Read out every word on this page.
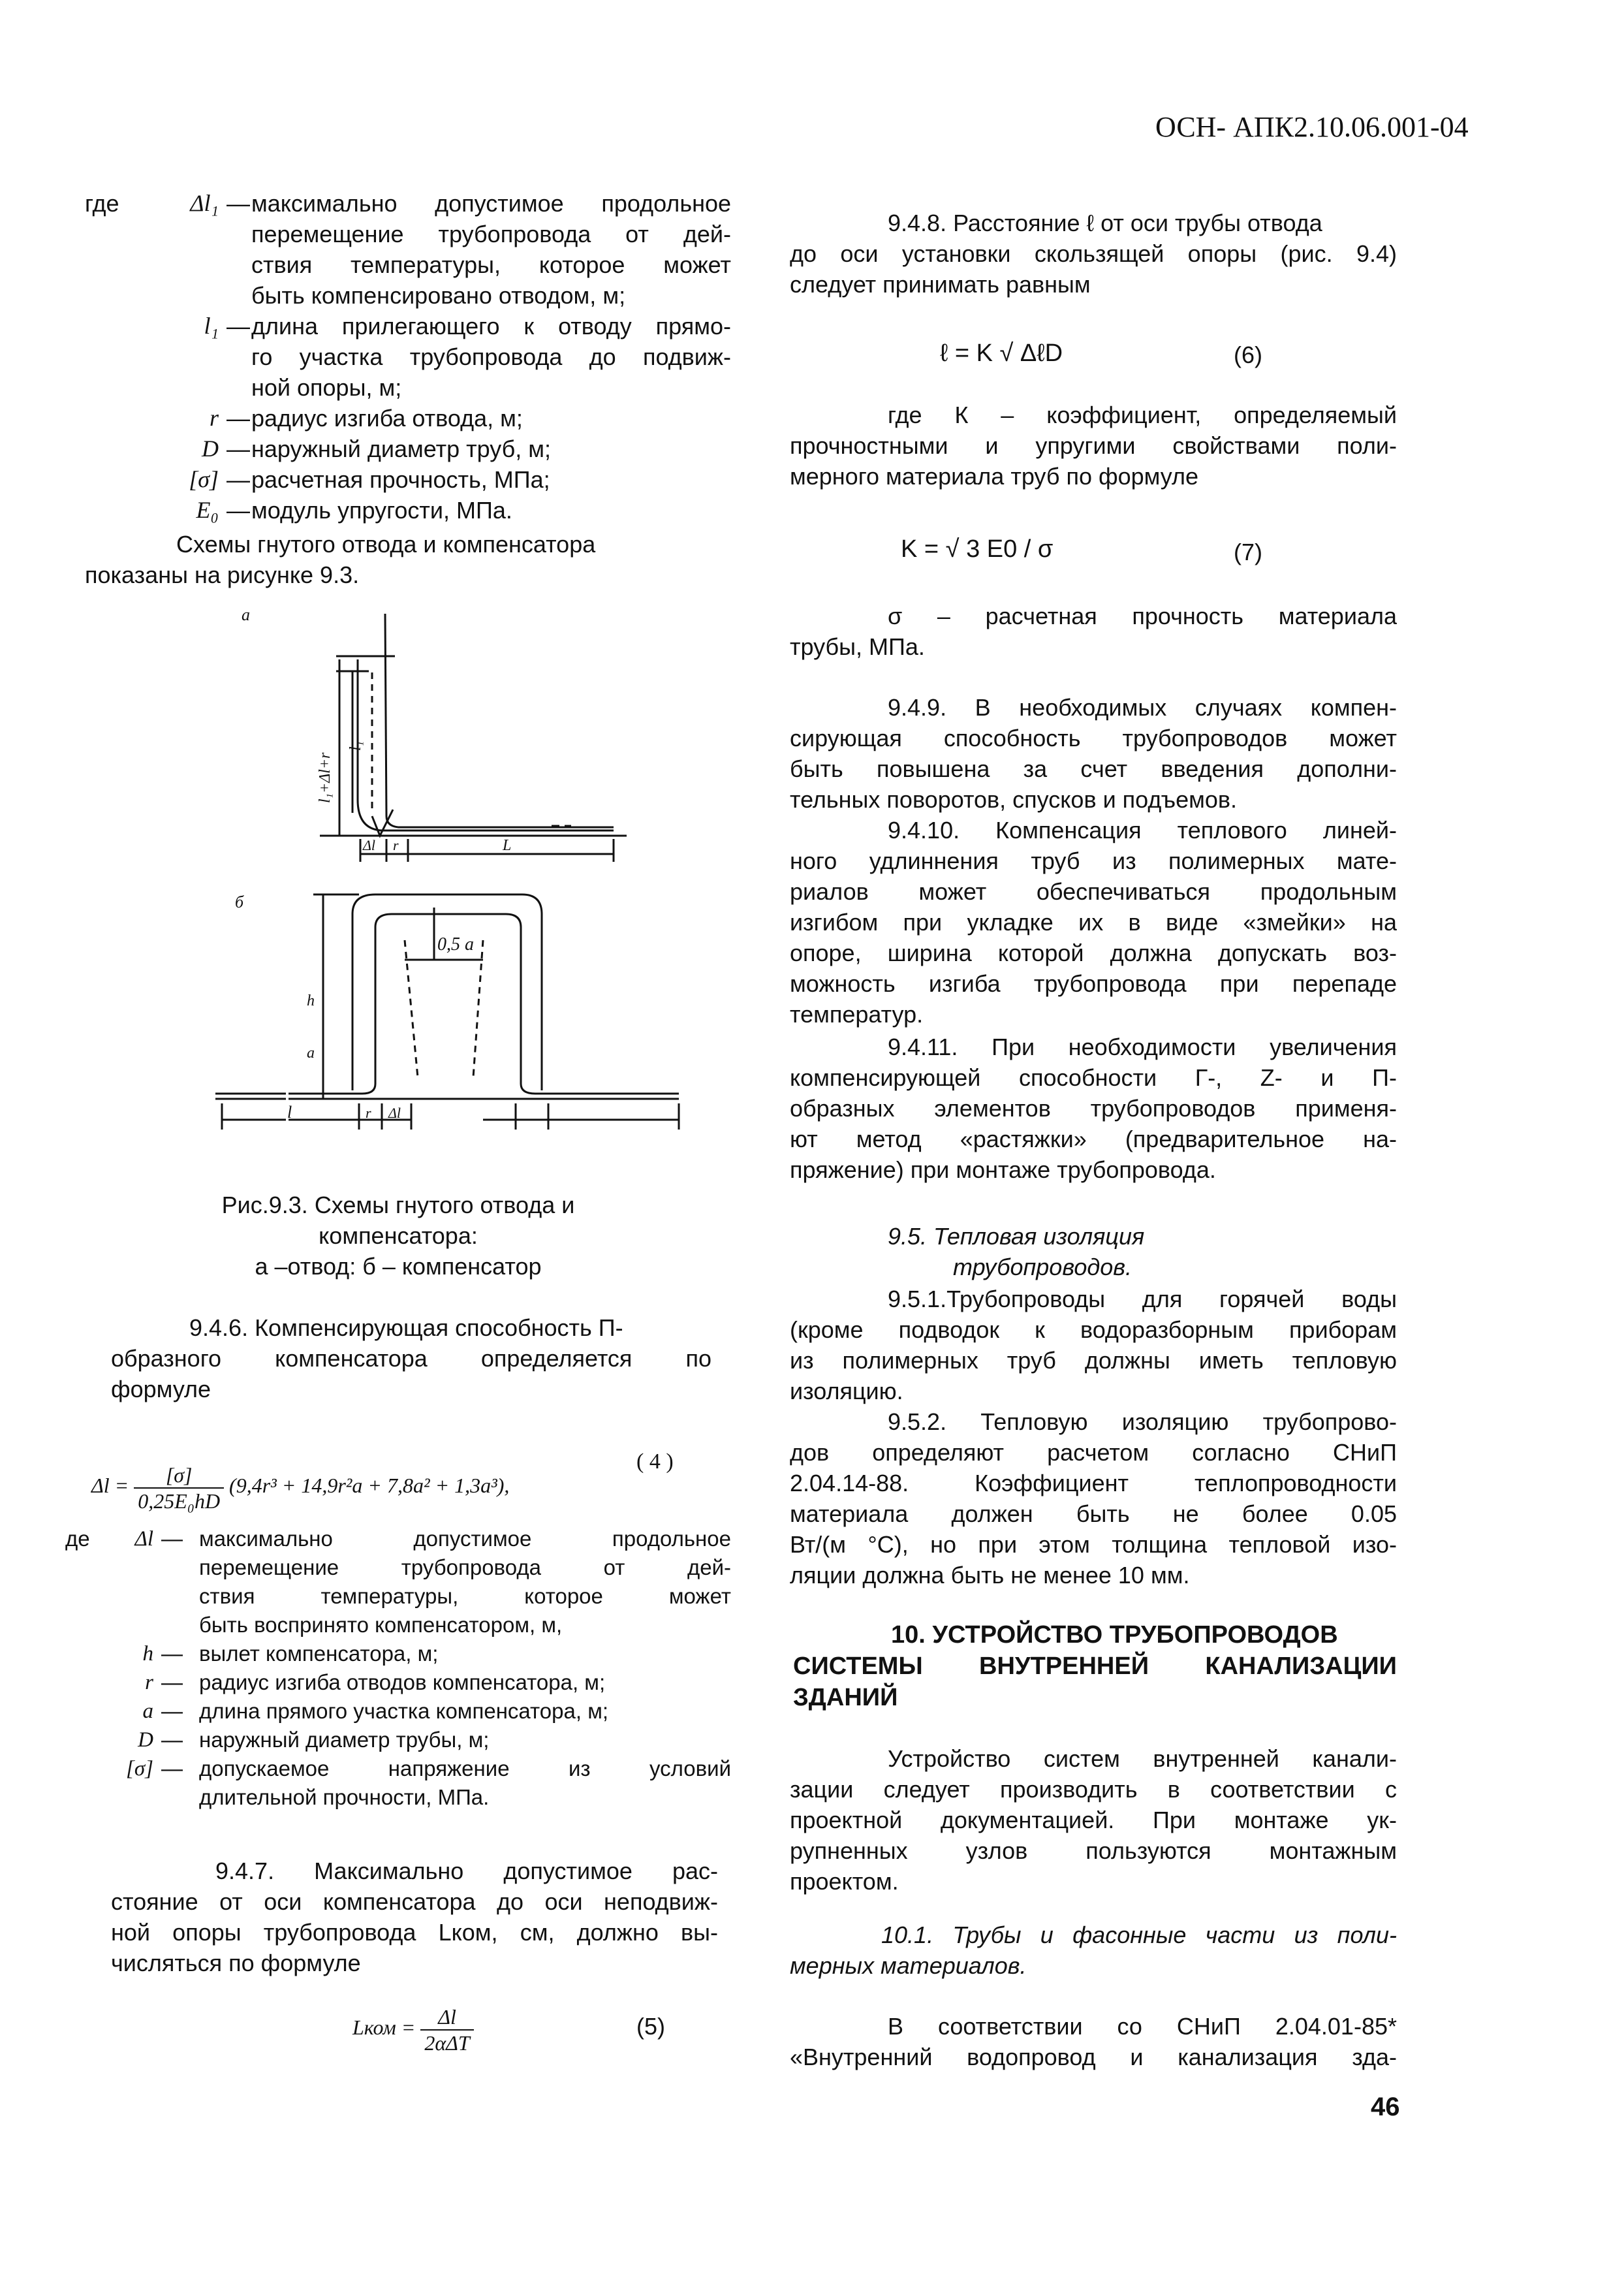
ОСН- АПК2.10.06.001-04
где	Δl₁ — максимально допустимое продольное
перемещение трубопровода от дей-
ствия температуры, которое может
быть компенсировано отводом, м;
l₁ — длина прилегающего к отводу прямо-
го участка трубопровода до подвиж-
ной опоры, м;
r — радиус изгиба отвода, м;
D — наружный диаметр труб, м;
[σ] — расчетная прочность, МПа;
E₀ — модуль упругости, МПа.
Схемы гнутого отвода и компенсатора
показаны на рисунке 9.3.
а
б
l₁+Δl+r
l₁
Δl r	L
0,5 a
h
a
l	r Δl
Рис.9.3. Схемы гнутого отвода и
компенсатора:
а –отвод: б – компенсатор
9.4.6. Компенсирующая способность П-
образного компенсатора определяется по
формуле
$\Delta l = \frac{[\sigma]}{\text{0,25E₀hD}} (9,4r^3 + 14,9r^2a + 7,8a^2 + 1,3a^3)$,
( 4 )
де	Δl — максимально допустимое продольное
перемещение трубопровода от дей-
ствия температуры, которое может
быть воспринято компенсатором, м,
h — вылет компенсатора, м;
r — радиус изгиба отводов компенсатора, м;
a — длина прямого участка компенсатора, м;
D — наружный диаметр трубы, м;
[σ] — допускаемое напряжение из условий
длительной прочности, МПа.
9.4.7. Максимально допустимое рас-
стояние от оси компенсатора до оси неподвиж-
ной опоры трубопровода Lком, см, должно вы-
числяться по формуле
Lком = $\frac{\Delta l}{\text{2αΔT}}$	(5)
9.4.8. Расстояние ℓ от оси трубы отвода
до оси установки скользящей опоры (рис. 9.4)
следует принимать равным
ℓ = K √ ΔℓD	(6)
где К – коэффициент, определяемый
прочностными и упругими свойствами поли-
мерного материала труб по формуле
K = √ 3 E0 / σ	(7)
σ – расчетная прочность материала
трубы, МПа.
9.4.9. В необходимых случаях компен-
сирующая способность трубопроводов может
быть повышена за счет введения дополни-
тельных поворотов, спусков и подъемов.
9.4.10. Компенсация теплового линей-
ного удлиннения труб из полимерных мате-
риалов может обеспечиваться продольным
изгибом при укладке их в виде «змейки» на
опоре, ширина которой должна допускать воз-
можность изгиба трубопровода при перепаде
температур.
9.4.11. При необходимости увеличения
компенсирующей способности Г-, Z- и П-
образных элементов трубопроводов применя-
ют метод «растяжки» (предварительное на-
пряжение) при монтаже трубопровода.
9.5. Тепловая изоляция
трубопроводов.
9.5.1.Трубопроводы для горячей воды
(кроме подводок к водоразборным приборам
из полимерных труб должны иметь тепловую
изоляцию.
9.5.2. Тепловую изоляцию трубопрово-
дов определяют расчетом согласно СНиП
2.04.14-88. Коэффициент теплопроводности
материала должен быть не более 0.05
Вт/(м °С), но при этом толщина тепловой изо-
ляции должна быть не менее 10 мм.
10. УСТРОЙСТВО ТРУБОПРОВОДОВ
СИСТЕМЫ ВНУТРЕННЕЙ КАНАЛИЗАЦИИ
ЗДАНИЙ
Устройство систем внутренней канали-
зации следует производить в соответствии с
проектной документацией. При монтаже ук-
рупненных узлов пользуются монтажным
проектом.
10.1. Трубы и фасонные части из поли-
мерных материалов.
В соответствии со СНиП 2.04.01-85*
«Внутренний водопровод и канализация зда-
46
